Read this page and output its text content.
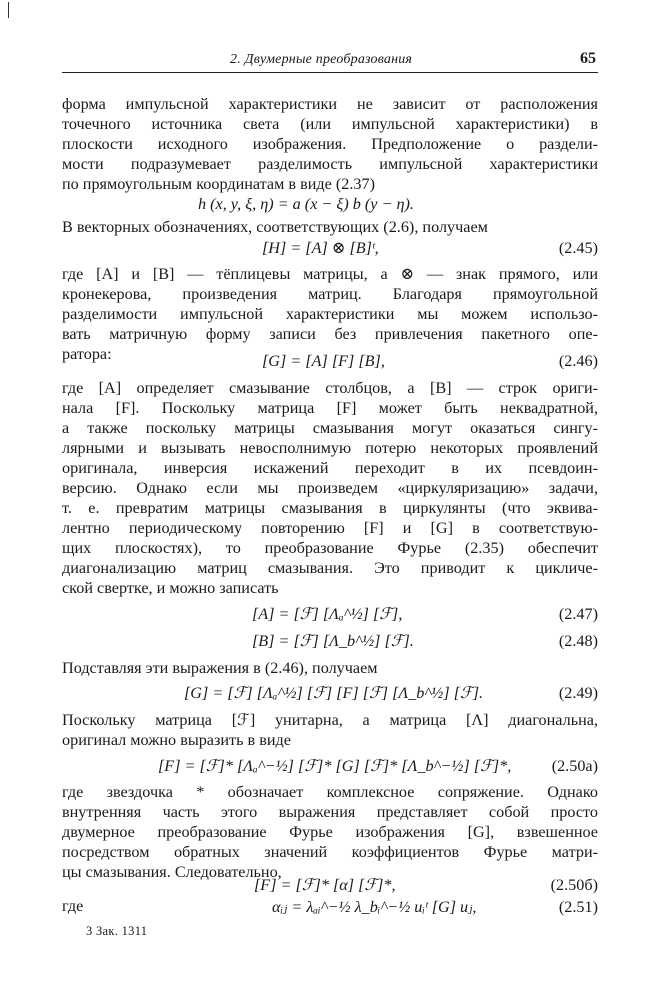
2. Двумерные преобразования	65
форма импульсной характеристики не зависит от расположения
точечного источника света (или импульсной характеристики) в
плоскости исходного изображения. Предположение о раздели-
мости подразумевает разделимость импульсной характеристики
по прямоугольным координатам в виде (2.37)
h (x, y, ξ, η) = a (x − ξ) b (y − η).
В векторных обозначениях, соответствующих (2.6), получаем
[H] = [A] ⊗ [B]ᵗ,	(2.45)
где [A] и [B] — тёплицевы матрицы, а ⊗ — знак прямого, или
кронекерова, произведения матриц. Благодаря прямоугольной
разделимости импульсной характеристики мы можем использо-
вать матричную форму записи без привлечения пакетного опе-
ратора:	[G] = [A] [F] [B],	(2.46)
где [A] определяет смазывание столбцов, а [B] — строк ориги-
нала [F]. Поскольку матрица [F] может быть неквадратной,
а также поскольку матрицы смазывания могут оказаться сингу-
лярными и вызывать невосполнимую потерю некоторых проявлений
оригинала, инверсия искажений переходит в их псевдоин-
версию. Однако если мы произведем «циркуляризацию» задачи,
т. е. превратим матрицы смазывания в циркулянты (что эквива-
лентно периодическому повторению [F] и [G] в соответствую-
щих плоскостях), то преобразование Фурье (2.35) обеспечит
диагонализацию матриц смазывания. Это приводит к цикличе-
ской свертке, и можно записать
[A] = [ℱ] [Λₐ^½] [ℱ],	(2.47)
[B] = [ℱ] [Λ_b^½] [ℱ].	(2.48)
Подставляя эти выражения в (2.46), получаем
[G] = [ℱ] [Λₐ^½] [ℱ] [F] [ℱ] [Λ_b^½] [ℱ].	(2.49)
Поскольку матрица [ℱ] унитарна, а матрица [Λ] диагональна,
оригинал можно выразить в виде
[F] = [ℱ]* [Λₐ^−½] [ℱ]* [G] [ℱ]* [Λ_b^−½] [ℱ]*, (2.50а)
где звездочка * обозначает комплексное сопряжение. Однако
внутренняя часть этого выражения представляет собой просто
двумерное преобразование Фурье изображения [G], взвешенное
посредством обратных значений коэффициентов Фурье матри-
цы смазывания. Следовательно,
[F] = [ℱ]* [α] [ℱ]*,	(2.50б)
где	αᵢⱼ = λₐᵢ^−½ λ_bᵢ^−½ uᵢᵗ [G] uⱼ,	(2.51)
3 Зак. 1311
